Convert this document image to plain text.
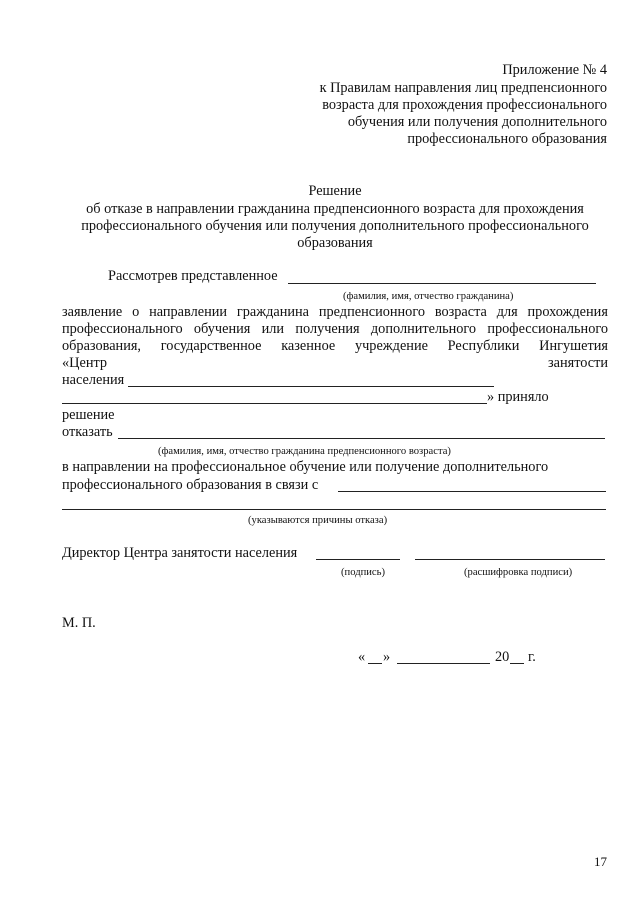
Приложение № 4
к Правилам направления лиц предпенсионного
возраста для прохождения профессионального
обучения или получения дополнительного
профессионального образования
Решение
об отказе в направлении гражданина предпенсионного возраста для прохождения
профессионального обучения или получения дополнительного профессионального
образования
Рассмотрев представленное
(фамилия, имя, отчество гражданина)
заявление о направлении гражданина предпенсионного возраста для прохождения
профессионального обучения или получения дополнительного профессионального
образования, государственное казенное учреждение Республики Ингушетия
«Центр	занятости
населения
» приняло
решение
отказать
(фамилия, имя, отчество гражданина предпенсионного возраста)
в направлении на профессиональное обучение или получение дополнительного
профессионального образования в связи с
(указываются причины отказа)
Директор Центра занятости населения
(подпись)	(расшифровка подписи)
М. П.
« »	20 г.
17
